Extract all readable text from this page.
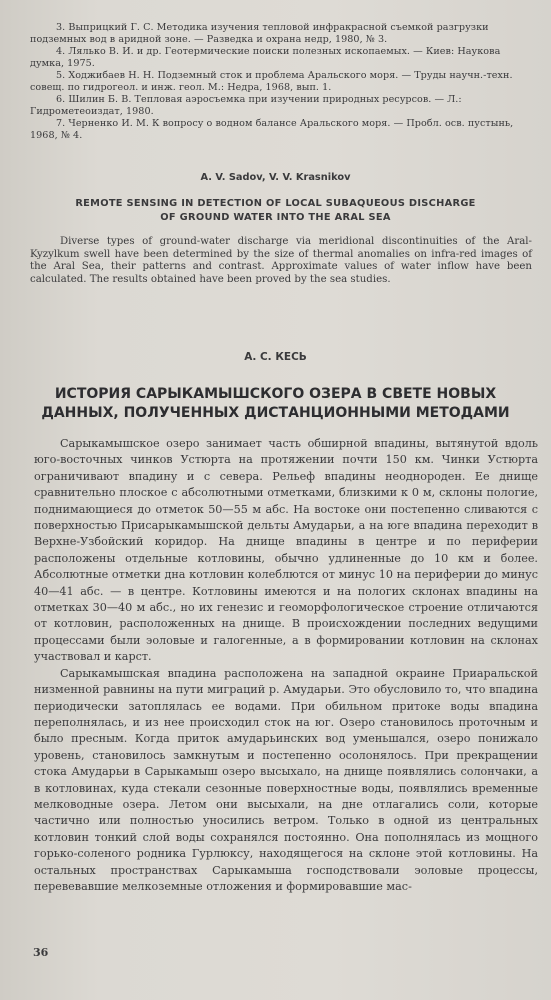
3. Выприцкий Г. С. Методика изучения тепловой инфракрасной съемкой разгрузки подземных вод в аридной зоне. — Разведка и охрана недр, 1980, № 3.

4. Лялько В. И. и др. Геотермические поиски полезных ископаемых. — Киев: Наукова думка, 1975.

5. Ходжибаев Н. Н. Подземный сток и проблема Аральского моря. — Труды научн.-техн. совещ. по гидрогеол. и инж. геол. М.: Недра, 1968, вып. 1.

6. Шилин Б. В. Тепловая аэросъемка при изучении природных ресурсов. — Л.: Гидрометеоиздат, 1980.

7. Черненко И. М. К вопросу о водном балансе Аральского моря. — Пробл. осв. пустынь, 1968, № 4.

A. V. Sadov, V. V. Krasnikov
REMOTE SENSING IN DETECTION OF LOCAL SUBAQUEOUS DISCHARGE
OF GROUND WATER INTO THE ARAL SEA
Diverse types of ground-water discharge via meridional discontinuities of the Aral-Kyzylkum swell have been determined by the size of thermal anomalies on infra-red images of the Aral Sea, their patterns and contrast. Approximate values of water inflow have been calculated. The results obtained have been proved by the sea studies.
А. С. КЕСЬ
ИСТОРИЯ САРЫКАМЫШСКОГО ОЗЕРА В СВЕТЕ НОВЫХ
ДАННЫХ, ПОЛУЧЕННЫХ ДИСТАНЦИОННЫМИ МЕТОДАМИ

Сарыкамышское озеро занимает часть обширной впадины, вытянутой вдоль юго-восточных чинков Устюрта на протяжении почти 150 км. Чинки Устюрта ограничивают впадину и с севера. Рельеф впадины неоднороден. Ее днище сравнительно плоское с абсолютными отметками, близкими к 0 м, склоны пологие, поднимающиеся до отметок 50—55 м абс. На востоке они постепенно сливаются с поверхностью Присарыкамышской дельты Амударьи, а на юге впадина переходит в Верхне-Узбойский коридор. На днище впадины в центре и по периферии расположены отдельные котловины, обычно удлиненные до 10 км и более. Абсолютные отметки дна котловин колеблются от минус 10 на периферии до минус 40—41 абс. — в центре. Котловины имеются и на пологих склонах впадины на отметках 30—40 м абс., но их генезис и геоморфологическое строение отличаются от котловин, расположенных на днище. В происхождении последних ведущими процессами были эоловые и галогенные, а в формировании котловин на склонах участвовал и карст.

Сарыкамышская впадина расположена на западной окраине Приаральской низменной равнины на пути миграций р. Амударьи. Это обусловило то, что впадина периодически затоплялась ее водами. При обильном притоке воды впадина переполнялась, и из нее происходил сток на юг. Озеро становилось проточным и было пресным. Когда приток амударьинских вод уменьшался, озеро понижало уровень, становилось замкнутым и постепенно осолонялось. При прекращении стока Амударьи в Сарыкамыш озеро высыхало, на днище появлялись солончаки, а в котловинах, куда стекали сезонные поверхностные воды, появлялись временные мелководные озера. Летом они высыхали, на дне отлагались соли, которые частично или полностью уносились ветром. Только в одной из центральных котловин тонкий слой воды сохранялся постоянно. Она пополнялась из мощного горько-соленого родника Гурлюксу, находящегося на склоне этой котловины. На остальных пространствах Сарыкамыша господствовали эоловые процессы, перевевавшие мелкоземные отложения и формировавшие мас-

36
